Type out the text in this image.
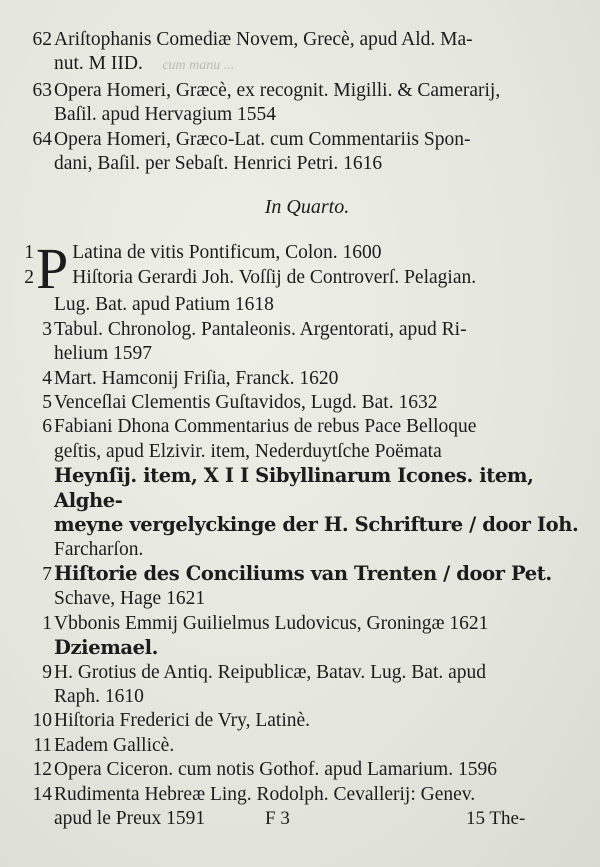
62 Ariſtophanis Comediæ Novem, Grecè, apud Ald. Ma-
nut. M IID. cum manu ...
63 Opera Homeri, Græcè, ex recognit. Migilli. & Camerarij,
Baſil. apud Hervagium 1554
64 Opera Homeri, Græco-Lat. cum Commentariis Spon-
dani, Baſil. per Sebaſt. Henrici Petri. 1616
In Quarto.
1
2 P Latina de vitis Pontificum, Colon. 1600
Hiſtoria Gerardi Joh. Voſſij de Controverſ. Pelagian.
Lug. Bat. apud Patium 1618
3 Tabul. Chronolog. Pantaleonis. Argentorati, apud Ri-
helium 1597
4 Mart. Hamconij Friſia, Franck. 1620
5 Venceſlai Clementis Guſtavidos, Lugd. Bat. 1632
6 Fabiani Dhona Commentarius de rebus Pace Belloque
geſtis, apud Elzivir. item, Nederduytſche Poëmata
Heynſij. item, X I I Sibyllinarum Icones. item, Alghe-
meyne vergelyckinge der H. Schrifture / door Ioh.
Farcharſon.
7 Hiſtorie des Conciliums van Trenten / door Pet.
Schave, Hage 1621
1 Vbbonis Emmij Guilielmus Ludovicus, Groningæ 1621
Dziemael.
9 H. Grotius de Antiq. Reipublicæ, Batav. Lug. Bat. apud
Raph. 1610
10 Hiſtoria Frederici de Vry, Latinè.
11 Eadem Gallicè.
12 Opera Ciceron. cum notis Gothof. apud Lamarium. 1596
14 Rudimenta Hebreæ Ling. Rodolph. Cevallerij: Genev.
apud le Preux 1591	F 3	15 The-
